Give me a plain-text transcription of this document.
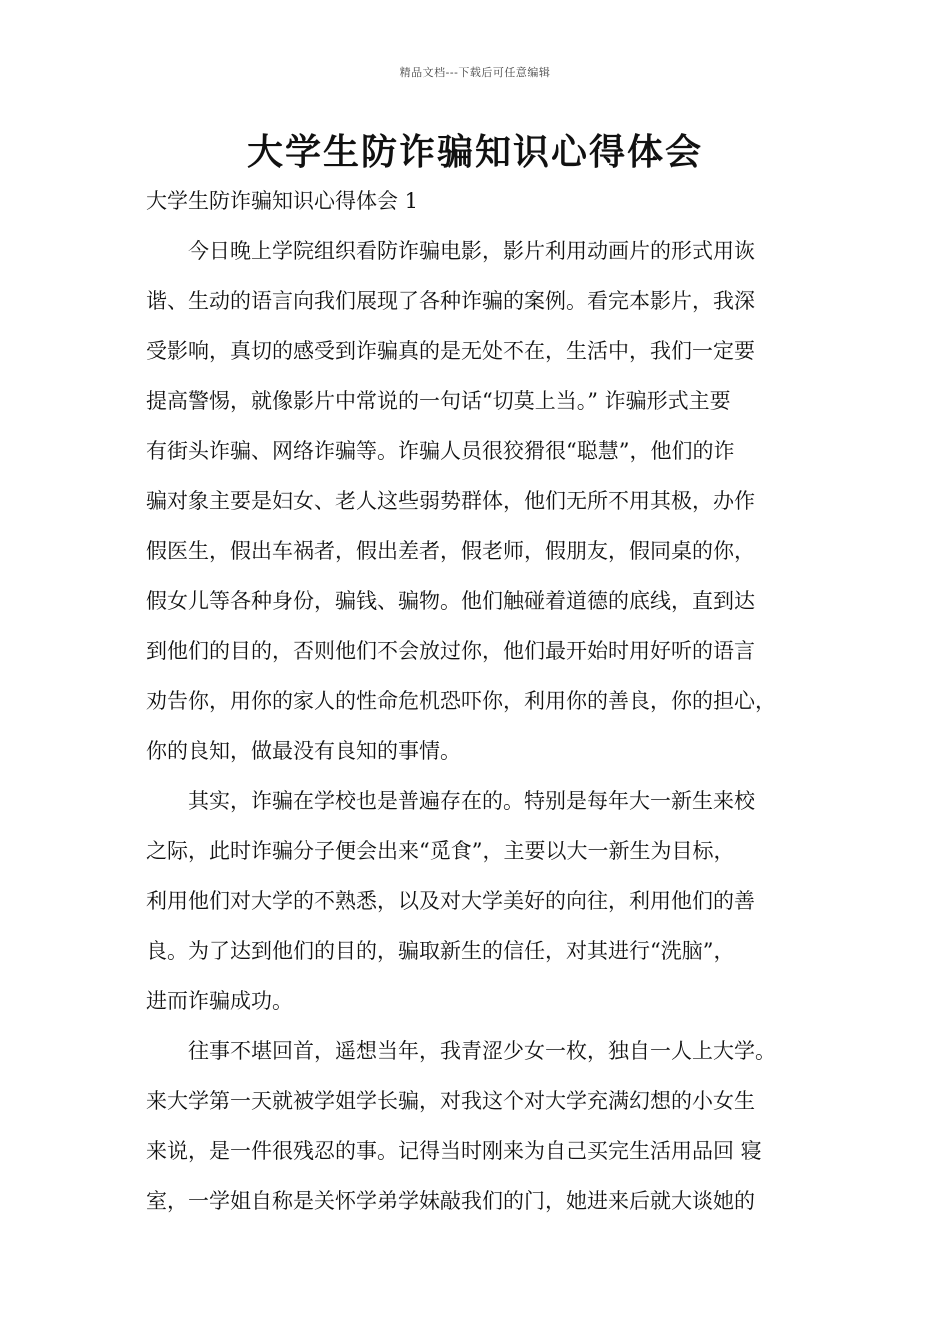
精品文档---下载后可任意编辑
大学生防诈骗知识心得体会

大学生防诈骗知识心得体会 1

今日晚上学院组织看防诈骗电影，影片利用动画片的形式用诙
谐、生动的语言向我们展现了各种诈骗的案例。看完本影片，我深
受影响，真切的感受到诈骗真的是无处不在，生活中，我们一定要
提高警惕，就像影片中常说的一句话“切莫上当。” 诈骗形式主要
有街头诈骗、网络诈骗等。诈骗人员很狡猾很“聪慧”，他们的诈
骗对象主要是妇女、老人这些弱势群体，他们无所不用其极，办作
假医生，假出车祸者，假出差者，假老师，假朋友，假同桌的你，
假女儿等各种身份，骗钱、骗物。他们触碰着道德的底线，直到达
到他们的目的，否则他们不会放过你，他们最开始时用好听的语言
劝告你，用你的家人的性命危机恐吓你，利用你的善良，你的担心，
你的良知，做最没有良知的事情。
其实，诈骗在学校也是普遍存在的。特别是每年大一新生来校
之际，此时诈骗分子便会出来“觅食”，主要以大一新生为目标，
利用他们对大学的不熟悉，以及对大学美好的向往，利用他们的善
良。为了达到他们的目的，骗取新生的信任，对其进行“洗脑”，
进而诈骗成功。
往事不堪回首，遥想当年，我青涩少女一枚，独自一人上大学。
来大学第一天就被学姐学长骗，对我这个对大学充满幻想的小女生
来说，是一件很残忍的事。记得当时刚来为自己买完生活用品回 寝
室，一学姐自称是关怀学弟学妹敲我们的门，她进来后就大谈她的
